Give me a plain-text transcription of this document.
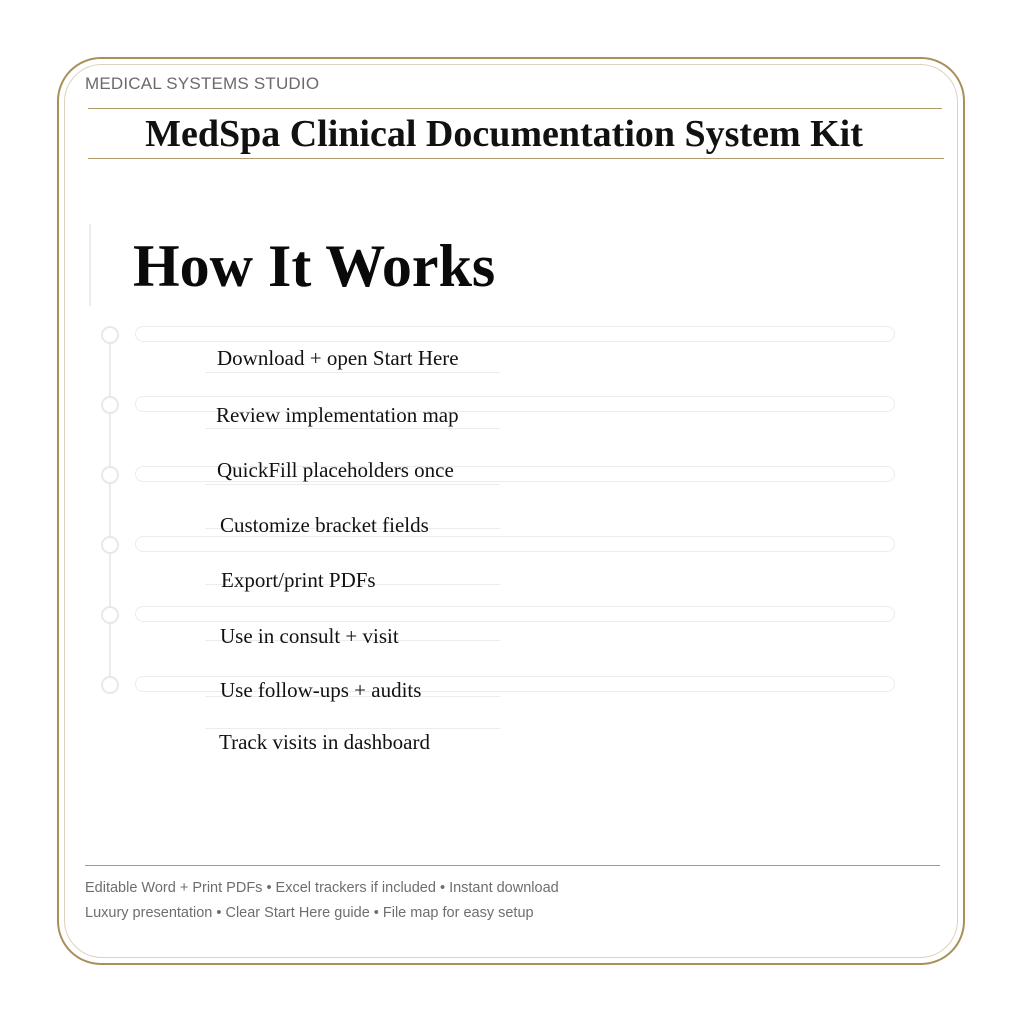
MEDICAL SYSTEMS STUDIO
MedSpa Clinical Documentation System Kit
How It Works
Download + open Start Here
Review implementation map
QuickFill placeholders once
Customize bracket fields
Export/print PDFs
Use in consult + visit
Use follow-ups + audits
Track visits in dashboard
Editable Word + Print PDFs • Excel trackers if included • Instant download
Luxury presentation • Clear Start Here guide • File map for easy setup
